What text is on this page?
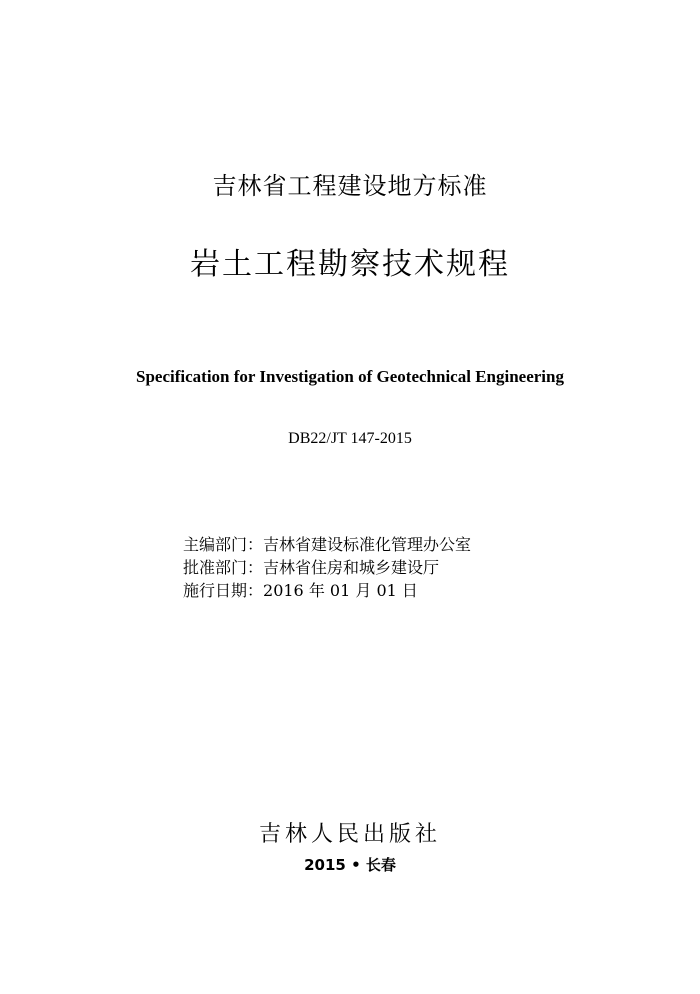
吉林省工程建设地方标准
岩土工程勘察技术规程
Specification for Investigation of Geotechnical Engineering
DB22/JT 147-2015
主编部门：吉林省建设标准化管理办公室
批准部门：吉林省住房和城乡建设厅
施行日期：2016 年 01 月 01 日
吉林人民出版社
2015 • 长春
